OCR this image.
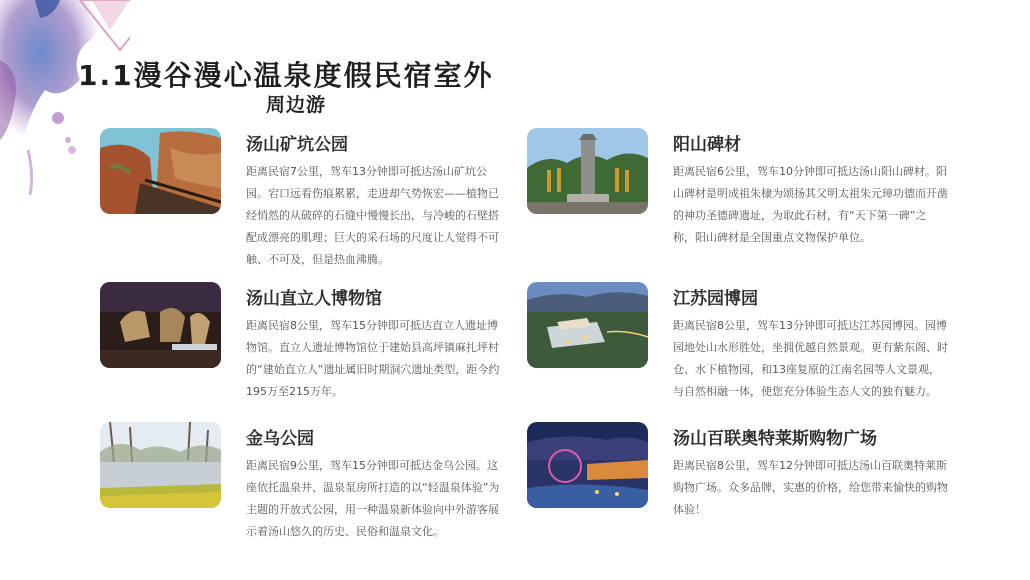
1.1漫谷漫心温泉度假民宿室外
周边游
汤山矿坑公园

距离民宿7公里，驾车13分钟即可抵达汤山矿坑公园。宕口远看伤痕累累，走进却气势恢宏——植物已经悄然的从破碎的石缝中慢慢长出，与冷峻的石壁搭配成漂亮的肌理；巨大的采石场的尺度让人觉得不可触、不可及，但是热血沸腾。

汤山直立人博物馆

距离民宿8公里，驾车15分钟即可抵达直立人遗址博物馆。直立人遗址博物馆位于建始县高坪镇麻扎坪村的“建始直立人”遗址属旧时期洞穴遗址类型，距今约195万至215万年。

金乌公园

距离民宿9公里，驾车15分钟即可抵达金乌公园。这座依托温泉井、温泉泵房所打造的以“轻温泉体验”为主题的开放式公园，用一种温泉新体验向中外游客展示着汤山悠久的历史、民俗和温泉文化。

阳山碑材

距离民宿6公里，驾车10分钟即可抵达汤山阳山碑材。阳山碑材是明成祖朱棣为颂扬其父明太祖朱元璋功德而开凿的神功圣德碑遗址，为取此石材，有“天下第一碑”之称，阳山碑材是全国重点文物保护单位。

江苏园博园

距离民宿8公里，驾车13分钟即可抵达江苏园博园。园博园地处山水形胜处，坐拥优越自然景观。更有紫东阁、时仓、水下植物园，和13座复原的江南名园等人文景观，与自然相融一体，使您充分体验生态人文的独有魅力。

汤山百联奥特莱斯购物广场

距离民宿8公里，驾车12分钟即可抵达汤山百联奥特莱斯购物广场。众多品牌，实惠的价格，给您带来愉快的购物体验！
